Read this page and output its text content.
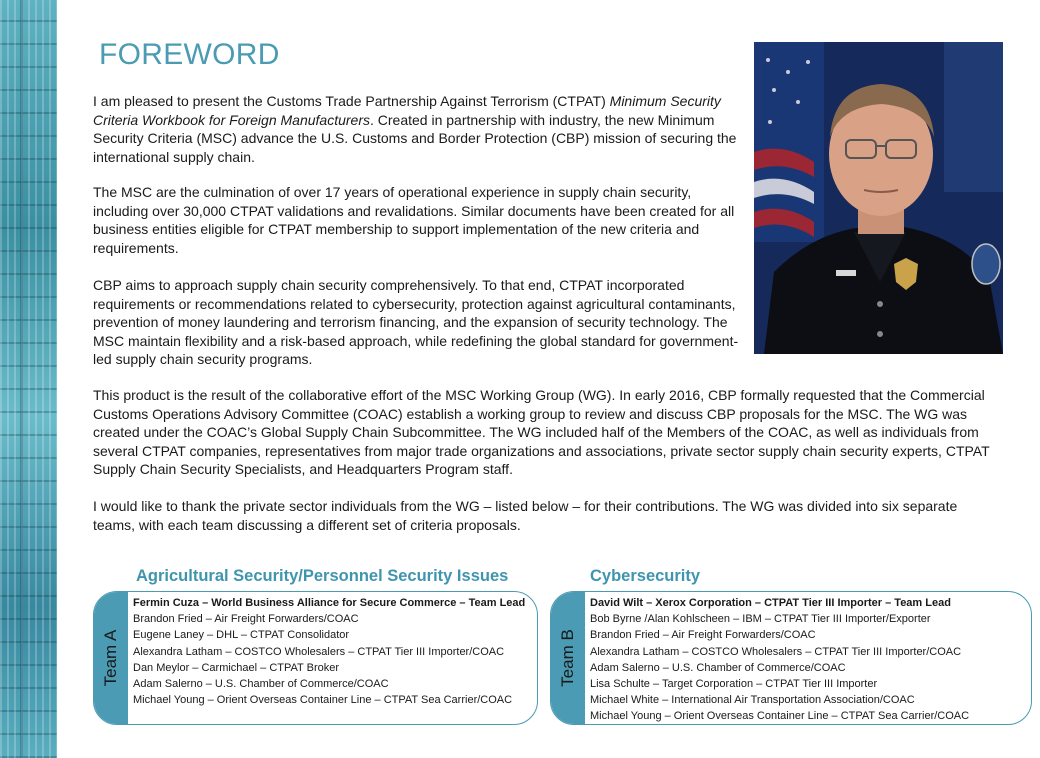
FOREWORD

I am pleased to present the Customs Trade Partnership Against Terrorism (CTPAT) Minimum Security Criteria Workbook for Foreign Manufacturers. Created in partnership with industry, the new Minimum Security Criteria (MSC) advance the U.S. Customs and Border Protection (CBP) mission of securing the international supply chain.

The MSC are the culmination of over 17 years of operational experience in supply chain security, including over 30,000 CTPAT validations and revalidations. Similar documents have been created for all business entities eligible for CTPAT membership to support implementation of the new criteria and requirements.

CBP aims to approach supply chain security comprehensively. To that end, CTPAT incorporated requirements or recommendations related to cybersecurity, protection against agricultural contaminants, prevention of money laundering and terrorism financing, and the expansion of security technology. The MSC maintain flexibility and a risk-based approach, while redefining the global standard for government-led supply chain security programs.

This product is the result of the collaborative effort of the MSC Working Group (WG). In early 2016, CBP formally requested that the Commercial Customs Operations Advisory Committee (COAC) establish a working group to review and discuss CBP proposals for the MSC. The WG was created under the COAC’s Global Supply Chain Subcommittee. The WG included half of the Members of the COAC, as well as individuals from several CTPAT companies, representatives from major trade organizations and associations, private sector supply chain security experts, CTPAT Supply Chain Security Specialists, and Headquarters Program staff.

I would like to thank the private sector individuals from the WG – listed below – for their contributions. The WG was divided into six separate teams, with each team discussing a different set of criteria proposals.

Agricultural Security/Personnel Security Issues
Team A
Fermin Cuza – World Business Alliance for Secure Commerce – Team Lead
Brandon Fried – Air Freight Forwarders/COAC
Eugene Laney – DHL – CTPAT Consolidator
Alexandra Latham – COSTCO Wholesalers – CTPAT Tier III Importer/COAC
Dan Meylor – Carmichael – CTPAT Broker
Adam Salerno – U.S. Chamber of Commerce/COAC
Michael Young – Orient Overseas Container Line – CTPAT Sea Carrier/COAC
Cybersecurity
Team B
David Wilt – Xerox Corporation – CTPAT Tier III Importer – Team Lead
Bob Byrne /Alan Kohlscheen – IBM – CTPAT Tier III Importer/Exporter
Brandon Fried – Air Freight Forwarders/COAC
Alexandra Latham – COSTCO Wholesalers – CTPAT Tier III Importer/COAC
Adam Salerno – U.S. Chamber of Commerce/COAC
Lisa Schulte – Target Corporation – CTPAT Tier III Importer
Michael White – International Air Transportation Association/COAC
Michael Young – Orient Overseas Container Line – CTPAT Sea Carrier/COAC
